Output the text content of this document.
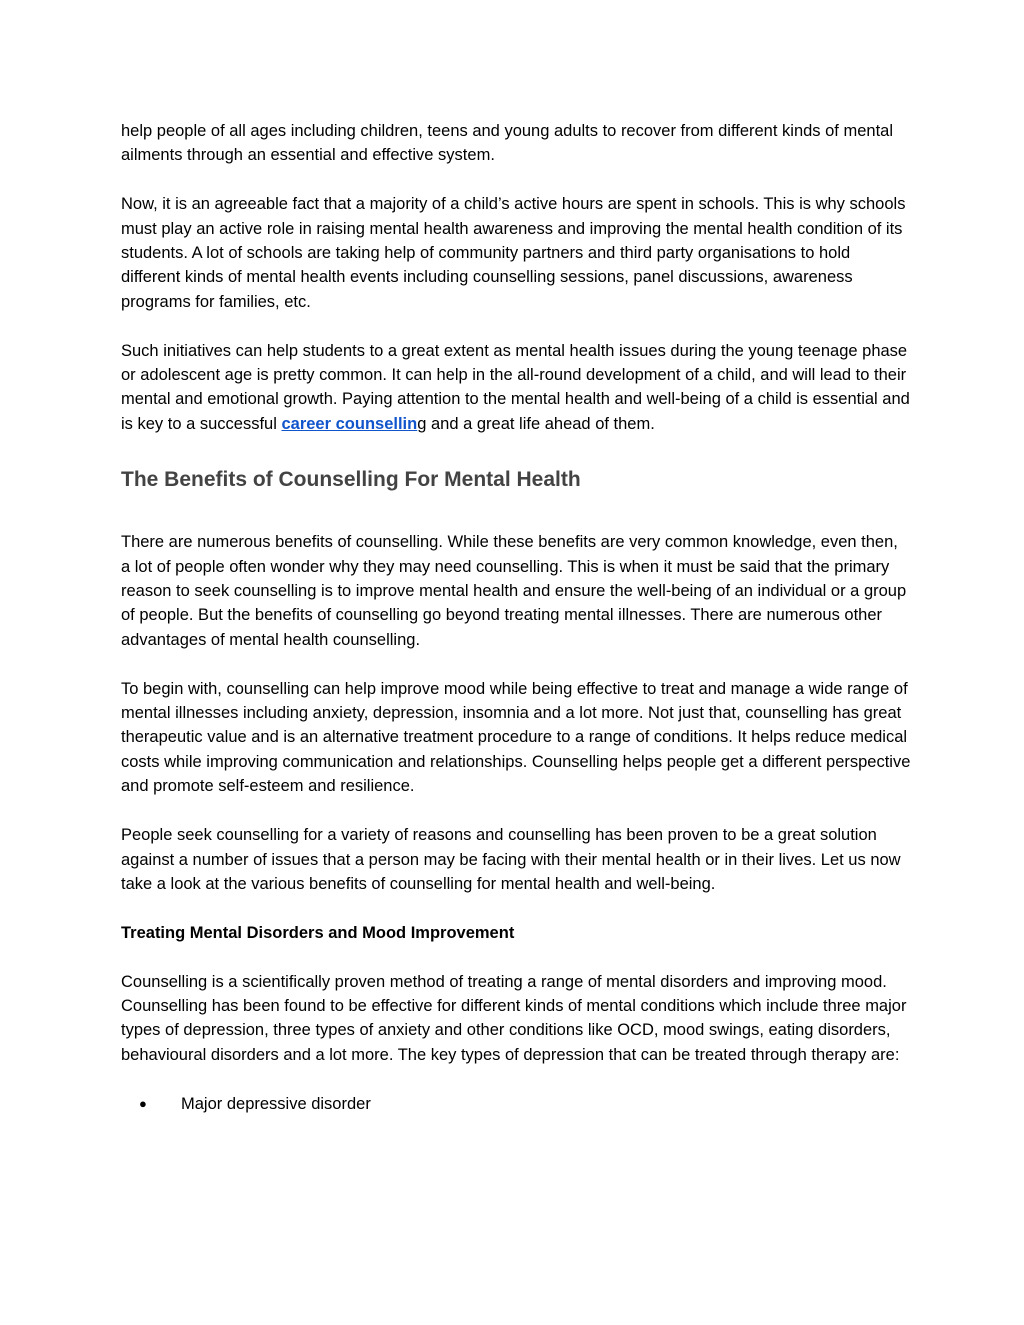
help people of all ages including children, teens and young adults to recover from different kinds of mental ailments through an essential and effective system.

Now, it is an agreeable fact that a majority of a child’s active hours are spent in schools. This is why schools must play an active role in raising mental health awareness and improving the mental health condition of its students. A lot of schools are taking help of community partners and third party organisations to hold different kinds of mental health events including counselling sessions, panel discussions, awareness programs for families, etc.

Such initiatives can help students to a great extent as mental health issues during the young teenage phase or adolescent age is pretty common. It can help in the all-round development of a child, and will lead to their mental and emotional growth. Paying attention to the mental health and well-being of a child is essential and is key to a successful career counselling and a great life ahead of them.

The Benefits of Counselling For Mental Health

There are numerous benefits of counselling. While these benefits are very common knowledge, even then, a lot of people often wonder why they may need counselling. This is when it must be said that the primary reason to seek counselling is to improve mental health and ensure the well-being of an individual or a group of people. But the benefits of counselling go beyond treating mental illnesses. There are numerous other advantages of mental health counselling.

To begin with, counselling can help improve mood while being effective to treat and manage a wide range of mental illnesses including anxiety, depression, insomnia and a lot more. Not just that, counselling has great therapeutic value and is an alternative treatment procedure to a range of conditions. It helps reduce medical costs while improving communication and relationships. Counselling helps people get a different perspective and promote self-esteem and resilience.

People seek counselling for a variety of reasons and counselling has been proven to be a great solution against a number of issues that a person may be facing with their mental health or in their lives. Let us now take a look at the various benefits of counselling for mental health and well-being.

Treating Mental Disorders and Mood Improvement

Counselling is a scientifically proven method of treating a range of mental disorders and improving mood. Counselling has been found to be effective for different kinds of mental conditions which include three major types of depression, three types of anxiety and other conditions like OCD, mood swings, eating disorders, behavioural disorders and a lot more. The key types of depression that can be treated through therapy are:

● Major depressive disorder
